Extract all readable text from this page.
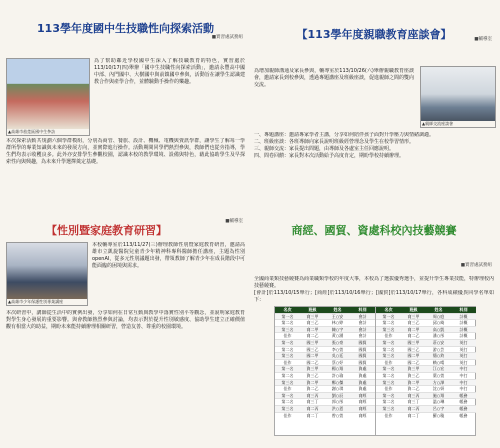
113學年度國中生技職性向探索活動
■實習處試務組
▲高雄市茄萣區國中生參訪

為了幫助鄰近學校國中生深入了解技職教育的特色，實習處於113/10/17(四)舉辦「國中生技職性向探索活動」，邀請永豐高中國中部、內門國中、大樹國中與前鎮國中參與，活動旨在讓學生認識建教合作與產學合作，並體驗動手操作的樂趣。

本次探索活動共規劃六個學群模組，分別為商管、餐旅、設計、機械、電機與資訊學群，讓學生了解每一學群所學的專業知識與未來的發展方向，並實際進行操作。活動期間同學們熱烈參與，教師們也從旁指導，學生們均表示收穫良多。此外亦安排學生參觀校園，認識本校的教學環境、設備與特色，藉此協助學生及早探索性向與興趣，為未來升學選擇奠定基礎。

【性別暨家庭教育研習】
■輔導室
▲高雄市少年保護性別專業講座

本校輔導室於113/11/27(三)辦理教師性別暨家庭教育研習，邀請高雄市立凱旋醫院兒童青少年精神科專科醫師擔任講座，主題為性別openAI，從多元性別議題出發，帶領教師了解青少年在成長階段中可能面臨的困境與需求。

本次研習中，講師從生活中的實例出發，分享如何在日常互動與教學中落實性別平等觀念，並說明家庭教育對學生身心發展的重要影響。與會教師熱烈參與討論，均表示對於提升性別敏感度、協助學生建立正確價值觀有相當大的助益，期盼未來能持續辦理相關研習，營造友善、尊重的校園環境。

【113學年度親職教育座談會】	■輔導室

為增加親師溝通及家長參與，輔導室於113/10/26(六)舉辦親職教育座談會，邀請家長到校參與，透過專題講座及班級座談，促進親師之間的雙向交流。

▲親師交流座談會

一、專題講座：邀請專家學者主講，分享如何陪伴孩子面對升學壓力與情緒調適。
二、班級座談：各班導師向家長說明班級經營理念及學生在校學習情形。
三、親師交流：家長提出問題，由導師及各處室主任回應說明。
四、問卷回饋：家長對本次活動給予高度肯定，期盼學校持續辦理。

商經、國貿、資處科校內技藝競賽
■實習處試務組

全國商業類技藝競賽為商業職類學校的年度大事，本校為了選拔優秀選手，並提升學生專業技能，特辦理校內技藝競賽。

[會計]於113/10/15舉行；[商經]於113/10/16舉行；[國貿]於113/10/17舉行，各科成績優異同學名單如下：

名次	班級	姓名	科別
第一名	商三甲	王○安	會計
第二名	商三乙	林○婷	會計
第三名	商二甲	陳○宇	會計
佳作	商二乙	黃○涵	會計
第一名	國三甲	張○豪	國貿
第二名	國三乙	李○萱	國貿
第三名	國二甲	吳○廷	國貿
佳作	國二乙	蔡○妤	國貿
第一名	資三甲	楊○翔	資處
第二名	資三乙	許○瑜	資處
第三名	資二甲	鄭○傑	資處
佳作	資二乙	謝○琪	資處
第一名	商三丙	劉○辰	商經
第二名	商三丁	郭○彤	商經
第三名	商二丙	洪○恩	商經
佳作	商二丁	曾○萱	商經
名次	班級	姓名	科別
第一名	商三甲	周○庭	計概
第二名	商三乙	邱○綺	計概
第三名	商二甲	高○凱	計概
佳作	商二乙	潘○彤	計概
第一名	國三甲	莊○安	英打
第二名	國三乙	游○芸	英打
第三名	國二甲	簡○鈞	英打
佳作	國二乙	賴○晴	英打
第一名	資三甲	江○宏	中打
第二名	資三乙	葉○萱	中打
第三名	資二甲	方○澤	中打
佳作	資二乙	沈○妍	中打
第一名	商三丙	施○翔	帳務
第二名	商三丁	溫○琳	帳務
第三名	商二丙	呂○宇	帳務
佳作	商二丁	羅○璇	帳務
